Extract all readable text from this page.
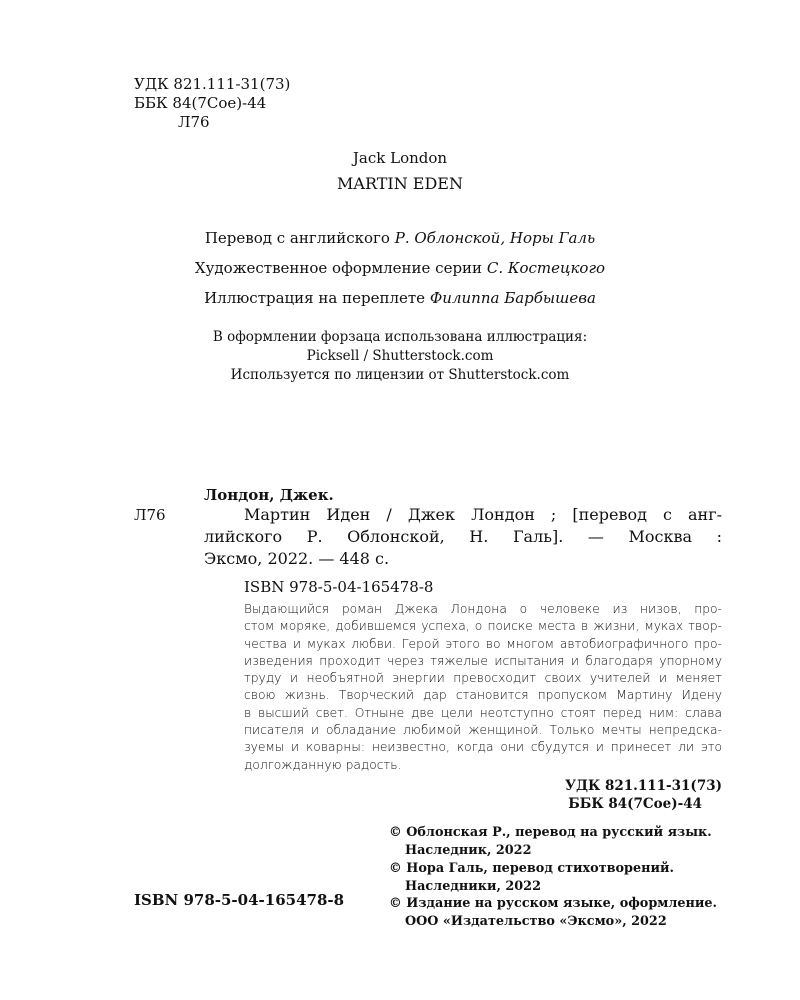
УДК 821.111-31(73)
ББК 84(7Сое)-44
Л76
Jack London
MARTIN EDEN
Перевод с английского Р. Облонской, Норы Галь
Художественное оформление серии С. Костецкого
Иллюстрация на переплете Филиппа Барбышева
В оформлении форзаца использована иллюстрация:
Picksell / Shutterstock.com
Используется по лицензии от Shutterstock.com
Лондон, Джек.
Л76	Мартин Иден / Джек Лондон ; [перевод с анг-
лийского Р. Облонской, Н. Галь]. — Москва :
Эксмо, 2022. — 448 с.
ISBN 978-5-04-165478-8
Выдающийся роман Джека Лондона о человеке из низов, про-
стом моряке, добившемся успеха, о поиске места в жизни, муках твор-
чества и муках любви. Герой этого во многом автобиографичного про-
изведения проходит через тяжелые испытания и благодаря упорному
труду и необъятной энергии превосходит своих учителей и меняет
свою жизнь. Творческий дар становится пропуском Мартину Идену
в высший свет. Отныне две цели неотступно стоят перед ним: слава
писателя и обладание любимой женщиной. Только мечты непредска-
зуемы и коварны: неизвестно, когда они сбудутся и принесет ли это
долгожданную радость.
УДК 821.111-31(73)
ББК 84(7Сое)-44
© Облонская Р., перевод на русский язык.
Наследник, 2022
© Нора Галь, перевод стихотворений.
Наследники, 2022
© Издание на русском языке, оформление.
ООО «Издательство «Эксмо», 2022
ISBN 978-5-04-165478-8
